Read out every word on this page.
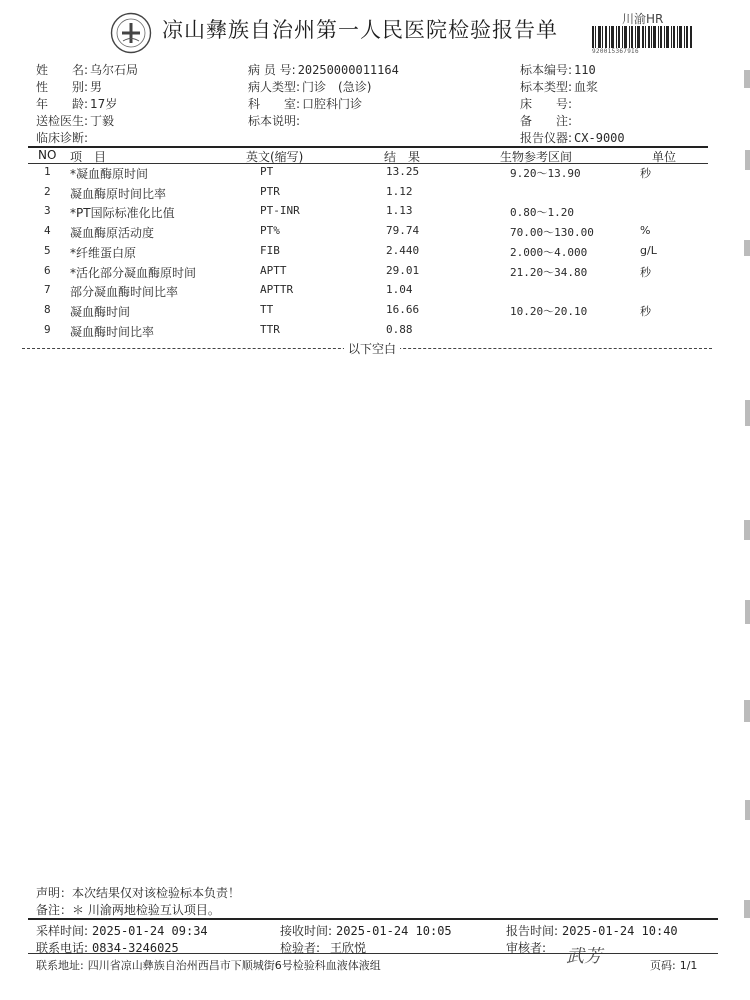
凉山彝族自治州第一人民医院检验报告单	川渝HR
9200153679I6
姓　　名: 乌尔石局
性　　别: 男
年　　龄: 17岁
送检医生: 丁毅
临床诊断:
病 员 号: 20250000011164
病人类型: 门诊　(急诊)
科　　室: 口腔科门诊
标本说明:
标本编号: 110
标本类型: 血浆
床　　号:
备　　注:
报告仪器: CX-9000
NO 项　目	英文(缩写)	结　果	生物参考区间	单位
1 *凝血酶原时间	PT	13.25	9.20～13.90	秒
2 凝血酶原时间比率	PTR	1.12
3 *PT国际标准化比值	PT-INR	1.13	0.80～1.20
4 凝血酶原活动度	PT%	79.74	70.00～130.00	%
5 *纤维蛋白原	FIB	2.440	2.000～4.000	g/L
6 *活化部分凝血酶原时间	APTT	29.01	21.20～34.80	秒
7 部分凝血酶时间比率	APTTR	1.04
8 凝血酶时间	TT	16.66	10.20～20.10	秒
9 凝血酶时间比率	TTR	0.88
以下空白
声明：本次结果仅对该检验标本负责！
备注：＊ 川渝两地检验互认项目。
采样时间: 2025-01-24 09:34	接收时间: 2025-01-24 10:05	报告时间: 2025-01-24 10:40
联系电话: 0834-3246025	检验者: 王欣悦	审核者: 武芳
联系地址: 四川省凉山彝族自治州西昌市下顺城街6号检验科血液体液组	页码: 1/1
